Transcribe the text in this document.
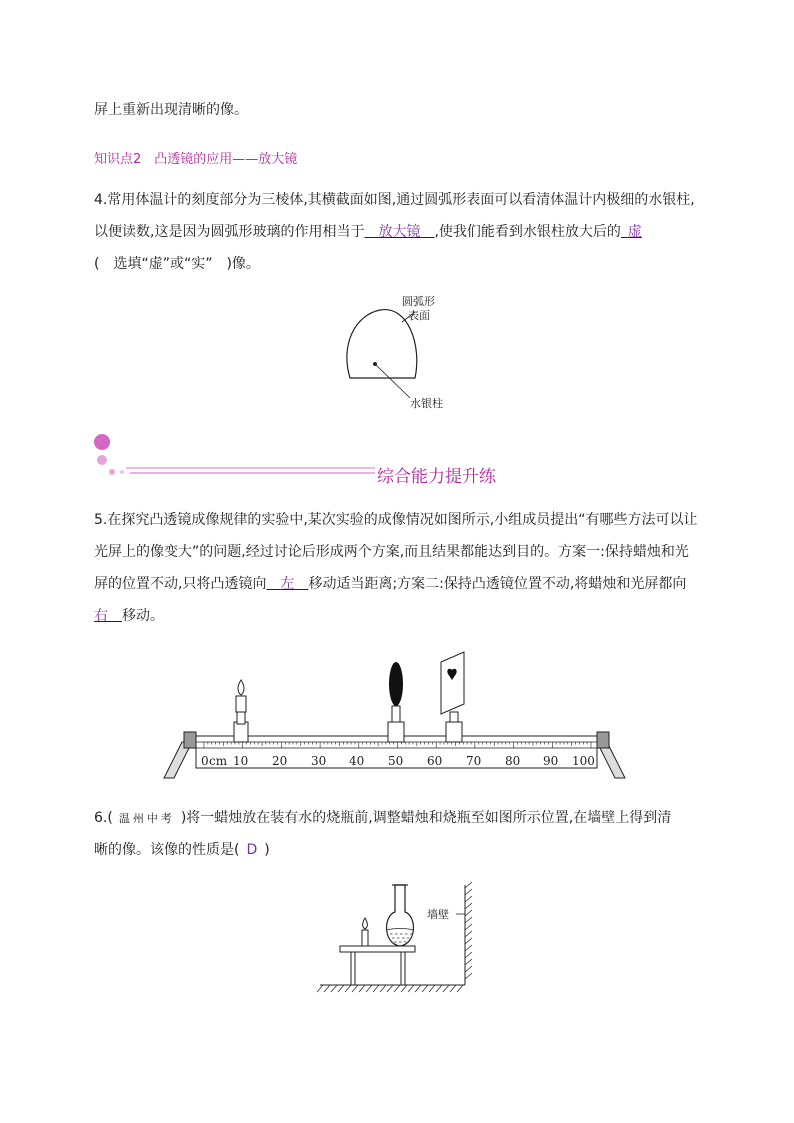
屏上重新出现清晰的像。
知识点2　凸透镜的应用——放大镜
4.常用体温计的刻度部分为三棱体,其横截面如图,通过圆弧形表面可以看清体温计内极细的水银柱,
以便读数,这是因为圆弧形玻璃的作用相当于  放大镜  ,使我们能看到水银柱放大后的  虚
(　选填“虚”或“实”　)像。
圆弧形
表面
水银柱
综合能力提升练
5.在探究凸透镜成像规律的实验中,某次实验的成像情况如图所示,小组成员提出“有哪些方法可以让
光屏上的像变大”的问题,经过讨论后形成两个方案,而且结果都能达到目的。方案一:保持蜡烛和光
屏的位置不动,只将凸透镜向  左  移动适当距离;方案二:保持凸透镜位置不动,将蜡烛和光屏都向
右  移动。
0 cm 10 20 30 40 50 60 70 80 90 100
6.( 温州中考 )将一蜡烛放在装有水的烧瓶前,调整蜡烛和烧瓶至如图所示位置,在墙壁上得到清
晰的像。该像的性质是(  D  )
墙壁
